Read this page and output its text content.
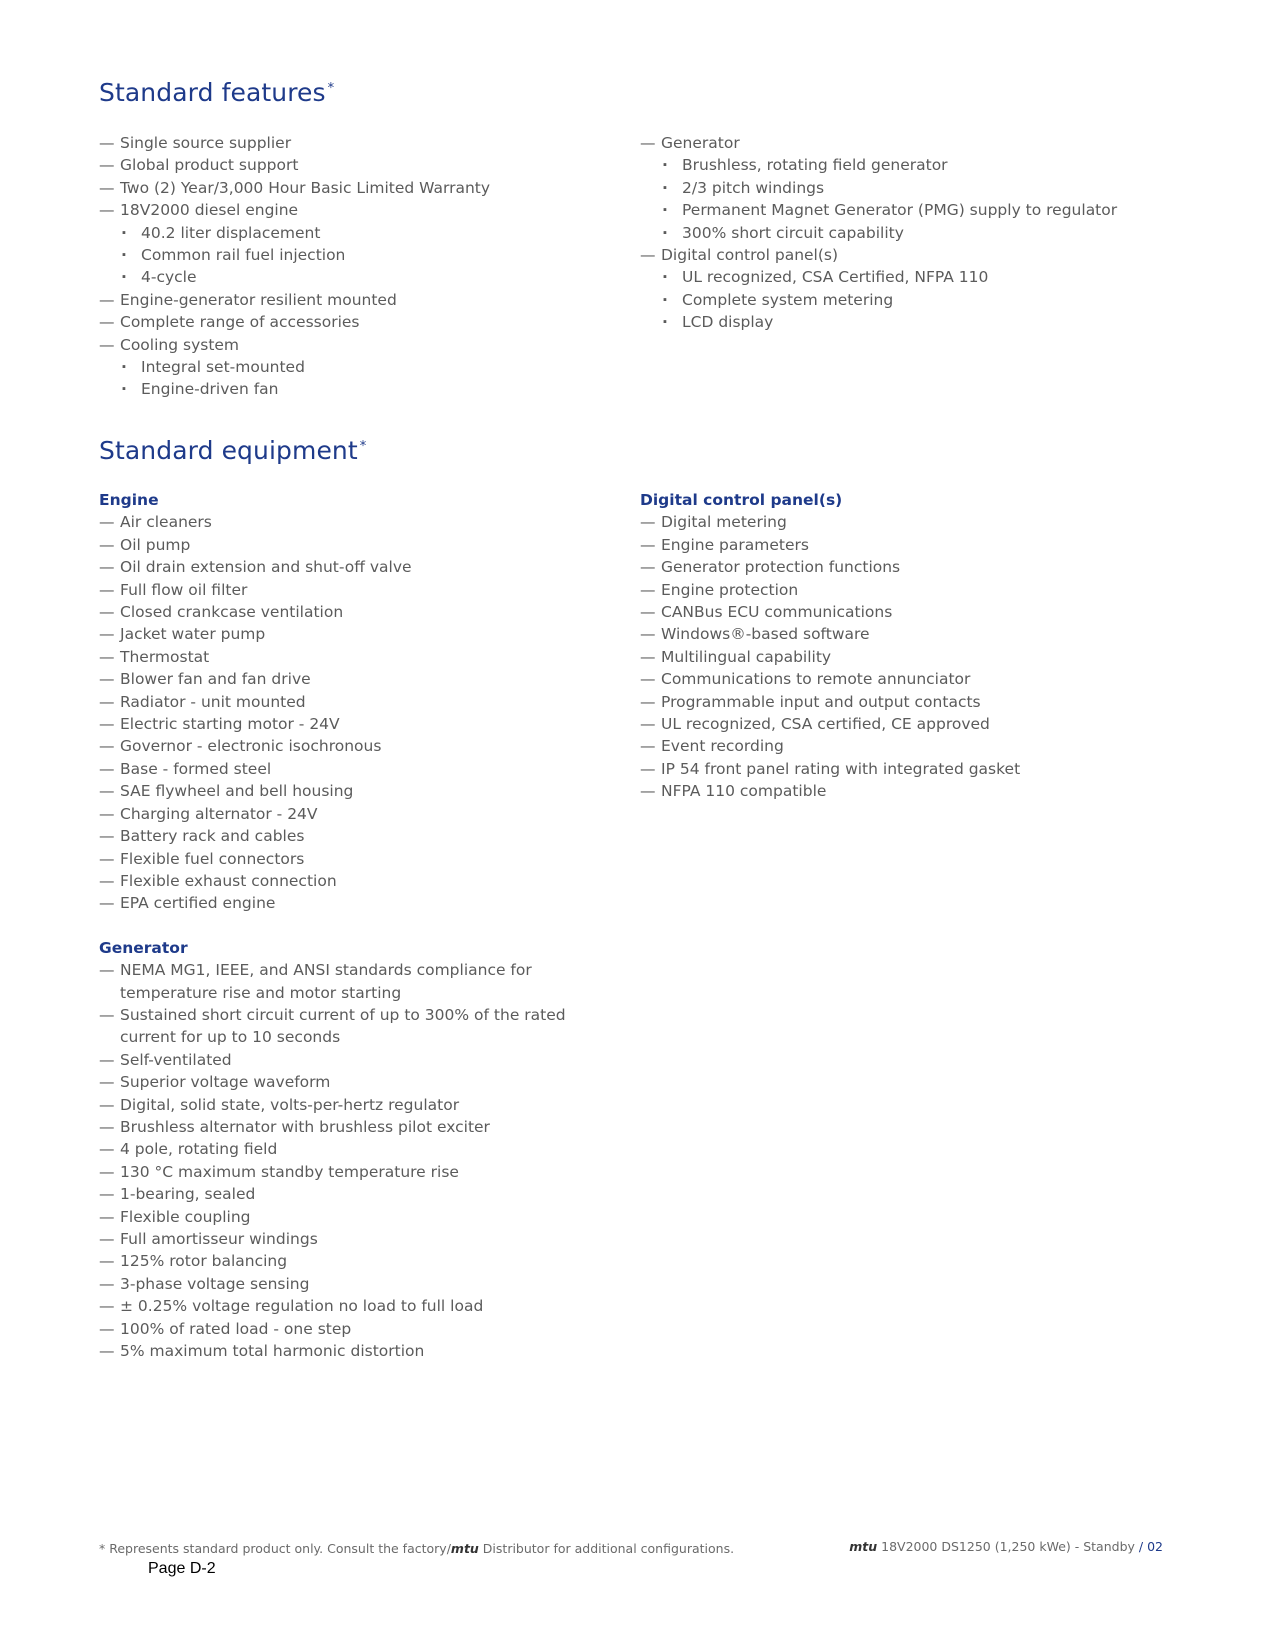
Standard features *
— Single source supplier
— Global product support
— Two (2) Year/3,000 Hour Basic Limited Warranty
— 18V2000 diesel engine
· 40.2 liter displacement
· Common rail fuel injection
· 4-cycle
— Engine-generator resilient mounted
— Complete range of accessories
— Cooling system
· Integral set-mounted
· Engine-driven fan
— Generator
· Brushless, rotating field generator
· 2/3 pitch windings
· Permanent Magnet Generator (PMG) supply to regulator
· 300% short circuit capability
— Digital control panel(s)
· UL recognized, CSA Certified, NFPA 110
· Complete system metering
· LCD display
Standard equipment *
Engine
— Air cleaners
— Oil pump
— Oil drain extension and shut-off valve
— Full flow oil filter
— Closed crankcase ventilation
— Jacket water pump
— Thermostat
— Blower fan and fan drive
— Radiator - unit mounted
— Electric starting motor - 24V
— Governor - electronic isochronous
— Base - formed steel
— SAE flywheel and bell housing
— Charging alternator - 24V
— Battery rack and cables
— Flexible fuel connectors
— Flexible exhaust connection
— EPA certified engine
Generator
— NEMA MG1, IEEE, and ANSI standards compliance for temperature rise and motor starting
— Sustained short circuit current of up to 300% of the rated current for up to 10 seconds
— Self-ventilated
— Superior voltage waveform
— Digital, solid state, volts-per-hertz regulator
— Brushless alternator with brushless pilot exciter
— 4 pole, rotating field
— 130 °C maximum standby temperature rise
— 1-bearing, sealed
— Flexible coupling
— Full amortisseur windings
— 125% rotor balancing
— 3-phase voltage sensing
— ± 0.25% voltage regulation no load to full load
— 100% of rated load - one step
— 5% maximum total harmonic distortion
Digital control panel(s)
— Digital metering
— Engine parameters
— Generator protection functions
— Engine protection
— CANBus ECU communications
— Windows®-based software
— Multilingual capability
— Communications to remote annunciator
— Programmable input and output contacts
— UL recognized, CSA certified, CE approved
— Event recording
— IP 54 front panel rating with integrated gasket
— NFPA 110 compatible
* Represents standard product only. Consult the factory/mtu Distributor for additional configurations.	mtu 18V2000 DS1250 (1,250 kWe) - Standby / 02
Page D-2
